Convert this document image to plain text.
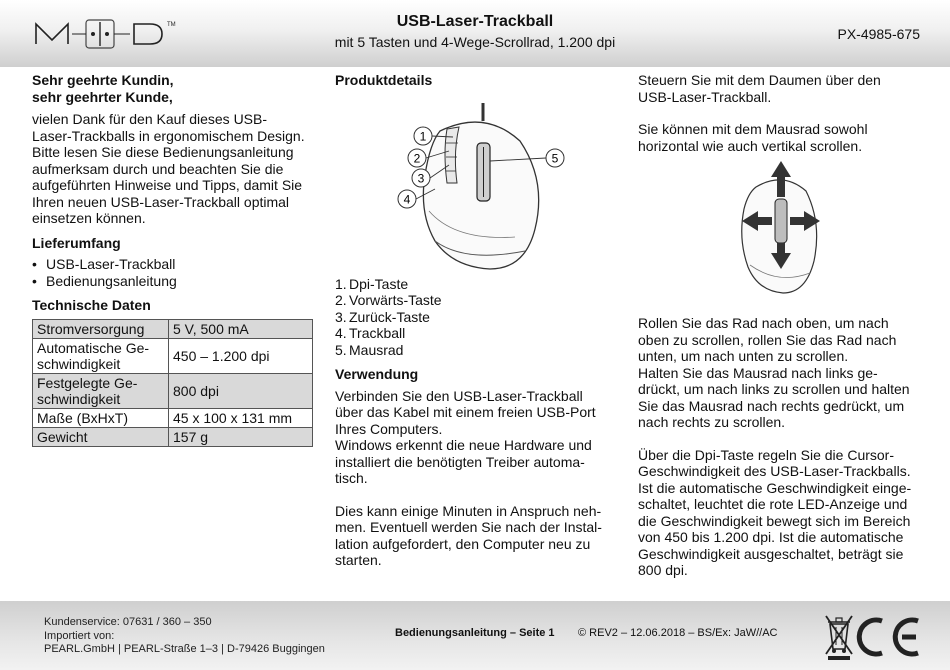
TM	USB-Laser-Trackball
mit 5 Tasten und 4-Wege-Scrollrad, 1.200 dpi	PX-4985-675
Sehr geehrte Kundin,
sehr geehrter Kunde,
vielen Dank für den Kauf dieses USB-
Laser-Trackballs in ergonomischem Design.
Bitte lesen Sie diese Bedienungsanleitung
aufmerksam durch und beachten Sie die
aufgeführten Hinweise und Tipps, damit Sie
Ihren neuen USB-Laser-Trackball optimal
einsetzen können.
Lieferumfang
• USB-Laser-Trackball
• Bedienungsanleitung
Technische Daten
Stromversorgung	5 V, 500 mA

Automatische Ge-
schwindigkeit	450 – 1.200 dpi

Festgelegte Ge-
schwindigkeit	800 dpi
Maße (BxHxT)	45 x 100 x 131 mm
Gewicht	157 g
Produktdetails
1
2
3
4
5
1. Dpi-Taste
2. Vorwärts-Taste
3. Zurück-Taste
4. Trackball
5. Mausrad
Verwendung
Verbinden Sie den USB-Laser-Trackball
über das Kabel mit einem freien USB-Port
Ihres Computers.
Windows erkennt die neue Hardware und
installiert die benötigten Treiber automa-
tisch.
Dies kann einige Minuten in Anspruch neh-
men. Eventuell werden Sie nach der Instal-
lation aufgefordert, den Computer neu zu
starten.
Steuern Sie mit dem Daumen über den
USB-Laser-Trackball.
Sie können mit dem Mausrad sowohl
horizontal wie auch vertikal scrollen.
Rollen Sie das Rad nach oben, um nach
oben zu scrollen, rollen Sie das Rad nach
unten, um nach unten zu scrollen.
Halten Sie das Mausrad nach links ge-
drückt, um nach links zu scrollen und halten
Sie das Mausrad nach rechts gedrückt, um
nach rechts zu scrollen.
Über die Dpi-Taste regeln Sie die Cursor-
Geschwindigkeit des USB-Laser-Trackballs.
Ist die automatische Geschwindigkeit einge-
schaltet, leuchtet die rote LED-Anzeige und
die Geschwindigkeit bewegt sich im Bereich
von 450 bis 1.200 dpi. Ist die automatische
Geschwindigkeit ausgeschaltet, beträgt sie
800 dpi.
Kundenservice: 07631 / 360 – 350
Importiert von:
PEARL.GmbH | PEARL-Straße 1–3 | D-79426 Buggingen
Bedienungsanleitung – Seite 1 © REV2 – 12.06.2018 – BS/Ex: JaW//AC
